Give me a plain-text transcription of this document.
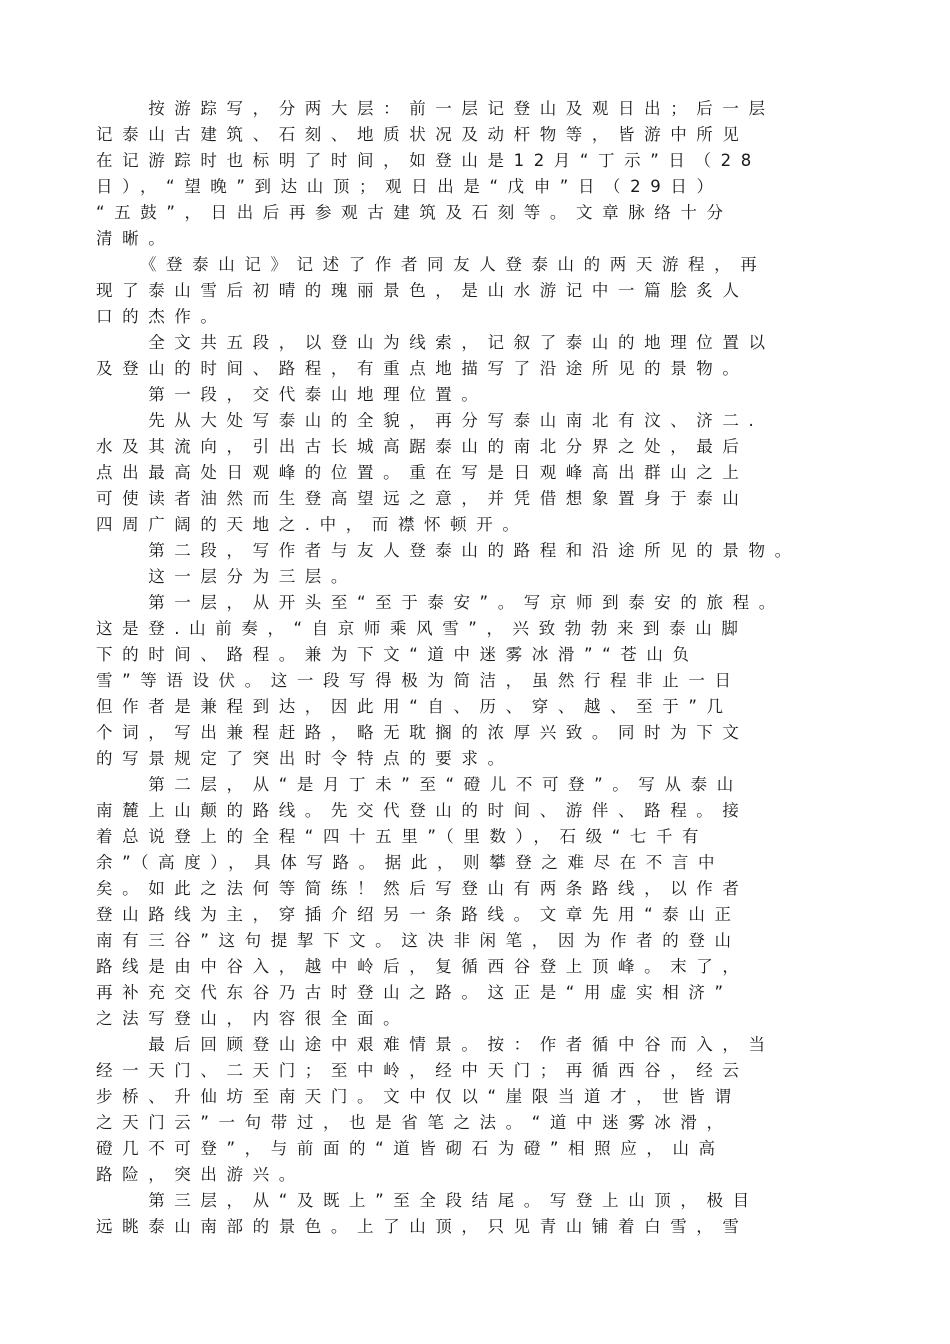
　　按游踪写，分两大层：前一层记登山及观日出；后一层
记泰山古建筑、石刻、地质状况及动杆物等，皆游中所见
在记游踪时也标明了时间，如登山是12月“丁示”日（28
日），“望晚”到达山顶；观日出是“戊申”日（29日）
“五鼓”，日出后再参观古建筑及石刻等。文章脉络十分
清晰。
　　《登泰山记》记述了作者同友人登泰山的两天游程，再
现了泰山雪后初晴的瑰丽景色，是山水游记中一篇脍炙人
口的杰作。
　　全文共五段，以登山为线索，记叙了泰山的地理位置以
及登山的时间、路程，有重点地描写了沿途所见的景物。
　　第一段，交代泰山地理位置。
　　先从大处写泰山的全貌，再分写泰山南北有汶、济二.
水及其流向，引出古长城高踞泰山的南北分界之处，最后
点出最高处日观峰的位置。重在写是日观峰高出群山之上
可使读者油然而生登高望远之意，并凭借想象置身于泰山
四周广阔的天地之.中，而襟怀顿开。
　　第二段，写作者与友人登泰山的路程和沿途所见的景物。
　　这一层分为三层。
　　第一层，从开头至“至于泰安”。写京师到泰安的旅程。
这是登.山前奏，“自京师乘风雪”，兴致勃勃来到泰山脚
下的时间、路程。兼为下文“道中迷雾冰滑”“苍山负
雪”等语设伏。这一段写得极为简洁，虽然行程非止一日
但作者是兼程到达，因此用“自、历、穿、越、至于”几
个词，写出兼程赶路，略无耽搁的浓厚兴致。同时为下文
的写景规定了突出时令特点的要求。
　　第二层，从“是月丁未”至“磴儿不可登”。写从泰山
南麓上山颠的路线。先交代登山的时间、游伴、路程。接
着总说登上的全程“四十五里”（里数），石级“七千有
余”（高度），具体写路。据此，则攀登之难尽在不言中
矣。如此之法何等简练！然后写登山有两条路线，以作者
登山路线为主，穿插介绍另一条路线。文章先用“泰山正
南有三谷”这句提挈下文。这决非闲笔，因为作者的登山
路线是由中谷入，越中岭后，复循西谷登上顶峰。末了，
再补充交代东谷乃古时登山之路。这正是“用虚实相济”
之法写登山，内容很全面。
　　最后回顾登山途中艰难情景。按：作者循中谷而入，当
经一天门、二天门；至中岭，经中天门；再循西谷，经云
步桥、升仙坊至南天门。文中仅以“崖限当道才，世皆谓
之天门云”一句带过，也是省笔之法。“道中迷雾冰滑，
磴几不可登”，与前面的“道皆砌石为磴”相照应，山高
路险，突出游兴。
　　第三层，从“及既上”至全段结尾。写登上山顶，极目
远眺泰山南部的景色。上了山顶，只见青山铺着白雪，雪
